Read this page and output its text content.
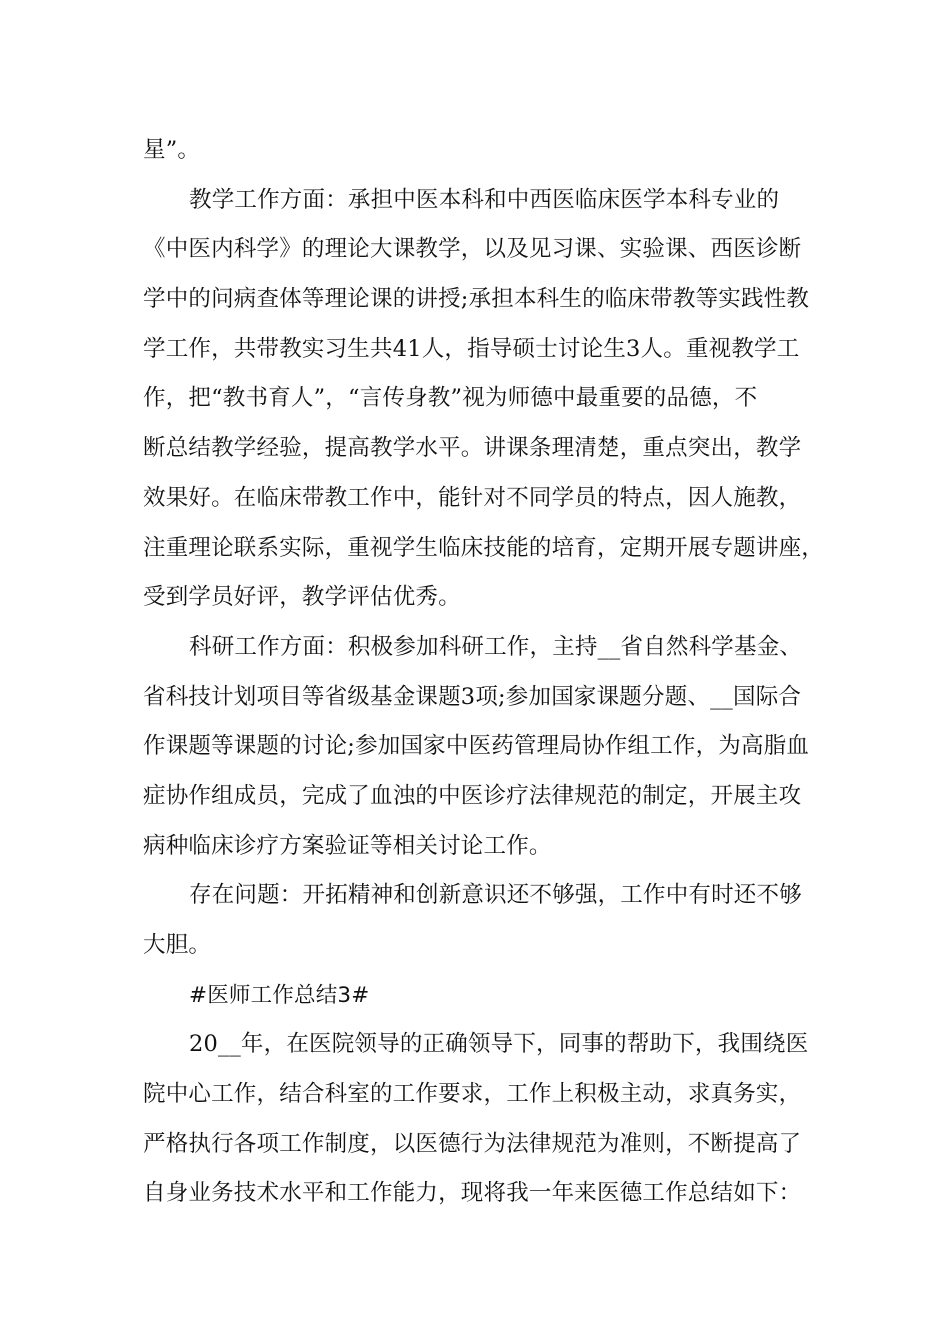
星”。
教学工作方面：承担中医本科和中西医临床医学本科专业的
《中医内科学》的理论大课教学，以及见习课、实验课、西医诊断
学中的问病查体等理论课的讲授;承担本科生的临床带教等实践性教
学工作，共带教实习生共41人，指导硕士讨论生3人。重视教学工
作，把“教书育人”，“言传身教”视为师德中最重要的品德，不
断总结教学经验，提高教学水平。讲课条理清楚，重点突出，教学
效果好。在临床带教工作中，能针对不同学员的特点，因人施教，
注重理论联系实际，重视学生临床技能的培育，定期开展专题讲座，
受到学员好评，教学评估优秀。
科研工作方面：积极参加科研工作，主持__省自然科学基金、
省科技计划项目等省级基金课题3项;参加国家课题分题、__国际合
作课题等课题的讨论;参加国家中医药管理局协作组工作，为高脂血
症协作组成员，完成了血浊的中医诊疗法律规范的制定，开展主攻
病种临床诊疗方案验证等相关讨论工作。
存在问题：开拓精神和创新意识还不够强，工作中有时还不够
大胆。
#医师工作总结3#
20__年，在医院领导的正确领导下，同事的帮助下，我围绕医
院中心工作，结合科室的工作要求，工作上积极主动，求真务实，
严格执行各项工作制度，以医德行为法律规范为准则，不断提高了
自身业务技术水平和工作能力，现将我一年来医德工作总结如下：
